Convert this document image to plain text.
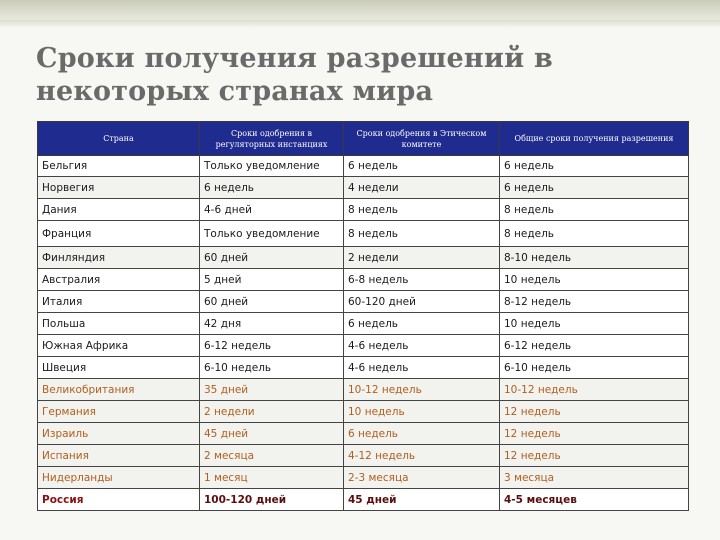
Сроки получения разрешений в
некоторых странах мира
Страна	Сроки одобрения в регуляторных инстанциях	Сроки одобрения в Этическом комитете	Общие сроки получения разрешения
Бельгия	Только уведомление	6 недель	6 недель
Норвегия	6 недель	4 недели	6 недель
Дания	4-6 дней	8 недель	8 недель
Франция	Только уведомление	8 недель	8 недель
Финляндия	60 дней	2 недели	8-10 недель
Австралия	5 дней	6-8 недель	10 недель
Италия	60 дней	60-120 дней	8-12 недель
Польша	42 дня	6 недель	10 недель
Южная Африка	6-12 недель	4-6 недель	6-12 недель
Швеция	6-10 недель	4-6 недель	6-10 недель
Великобритания	35 дней	10-12 недель	10-12 недель
Германия	2 недели	10 недель	12 недель
Израиль	45 дней	6 недель	12 недель
Испания	2 месяца	4-12 недель	12 недель
Нидерланды	1 месяц	2-3 месяца	3 месяца
Россия	100-120 дней	45 дней	4-5 месяцев
